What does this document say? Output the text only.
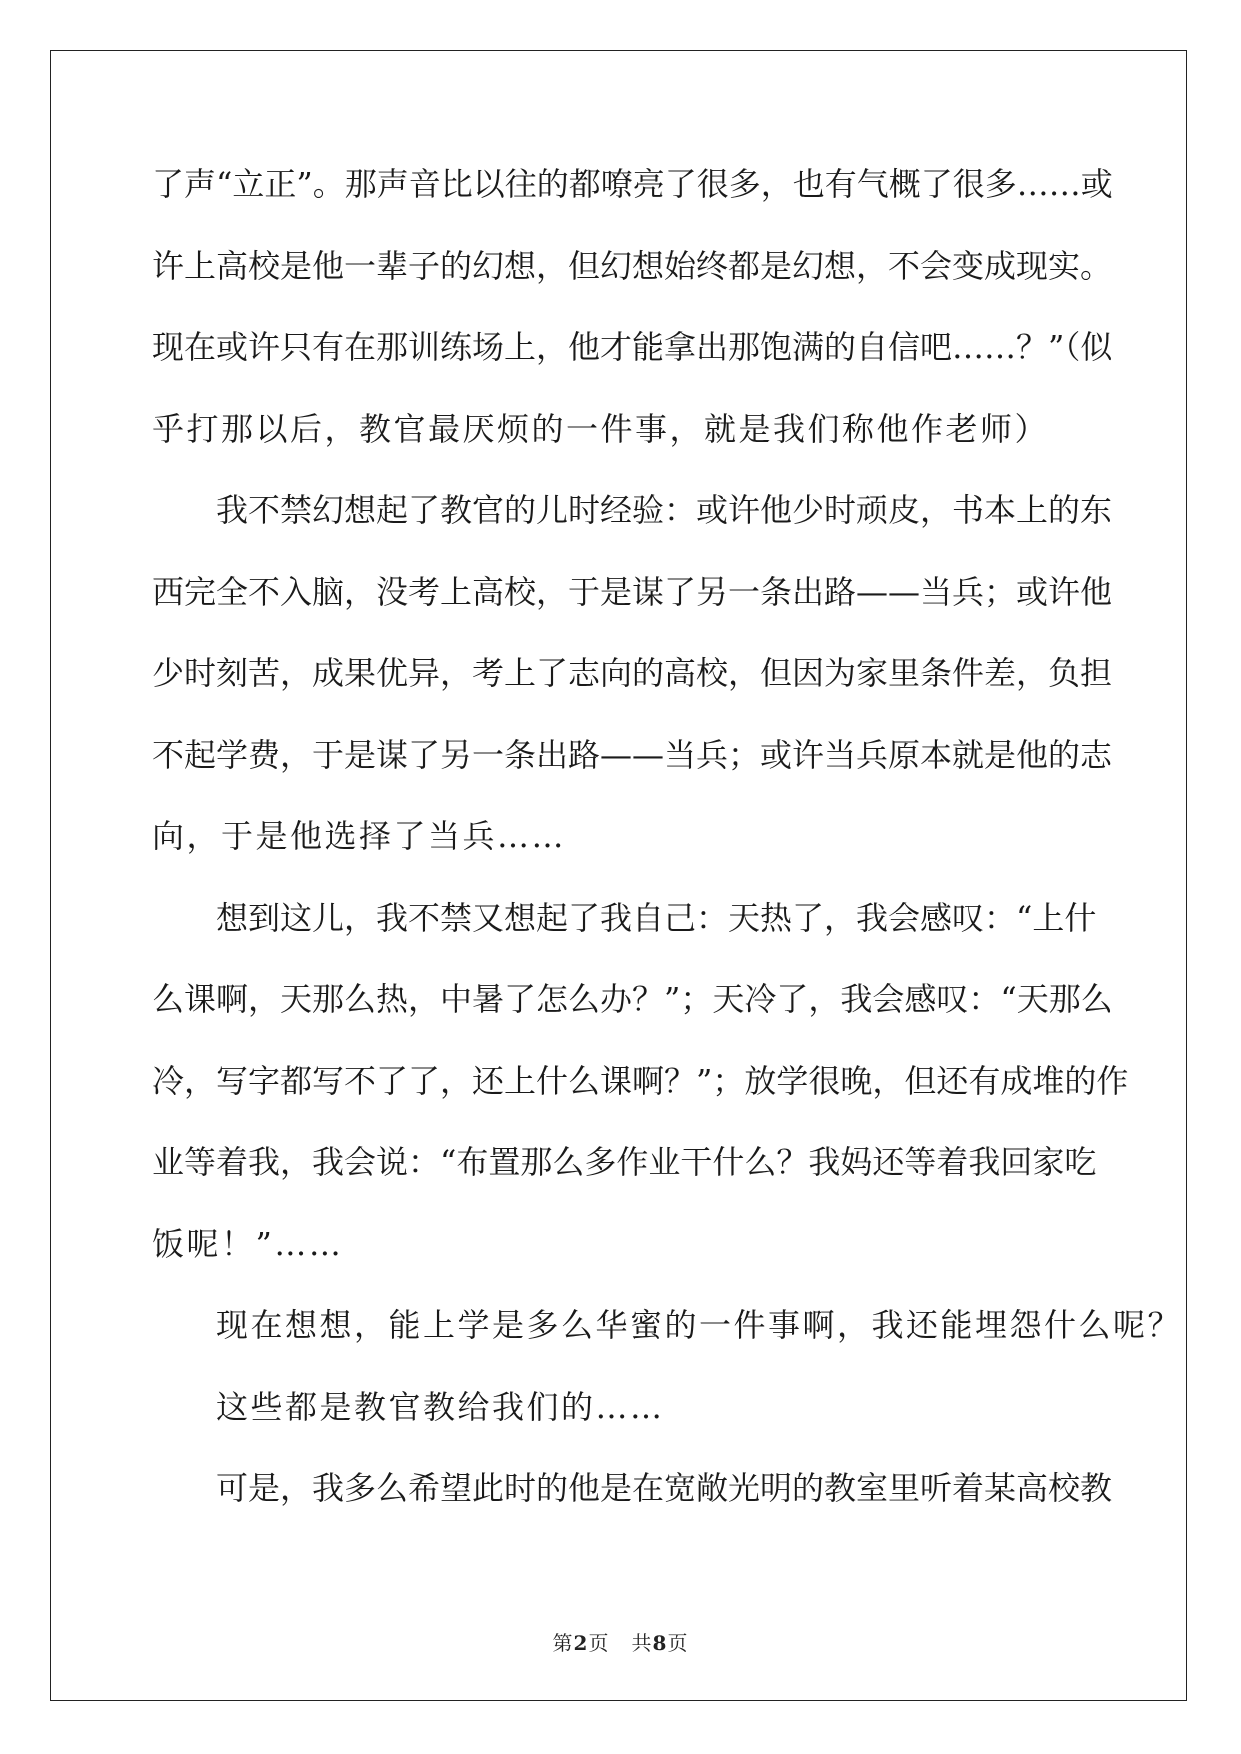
了声“立正”。那声音比以往的都嘹亮了很多，也有气概了很多……或
许上高校是他一辈子的幻想，但幻想始终都是幻想，不会变成现实。
现在或许只有在那训练场上，他才能拿出那饱满的自信吧……？”（似
乎打那以后，教官最厌烦的一件事，就是我们称他作老师）
我不禁幻想起了教官的儿时经验：或许他少时顽皮，书本上的东
西完全不入脑，没考上高校，于是谋了另一条出路——当兵；或许他
少时刻苦，成果优异，考上了志向的高校，但因为家里条件差，负担
不起学费，于是谋了另一条出路——当兵；或许当兵原本就是他的志
向，于是他选择了当兵……
想到这儿，我不禁又想起了我自己：天热了，我会感叹：“上什
么课啊，天那么热，中暑了怎么办？”；天冷了，我会感叹：“天那么
冷，写字都写不了了，还上什么课啊？”；放学很晚，但还有成堆的作
业等着我，我会说：“布置那么多作业干什么？我妈还等着我回家吃
饭呢！”……
现在想想，能上学是多么华蜜的一件事啊，我还能埋怨什么呢？
这些都是教官教给我们的……
可是，我多么希望此时的他是在宽敞光明的教室里听着某高校教
第2页 共8页
